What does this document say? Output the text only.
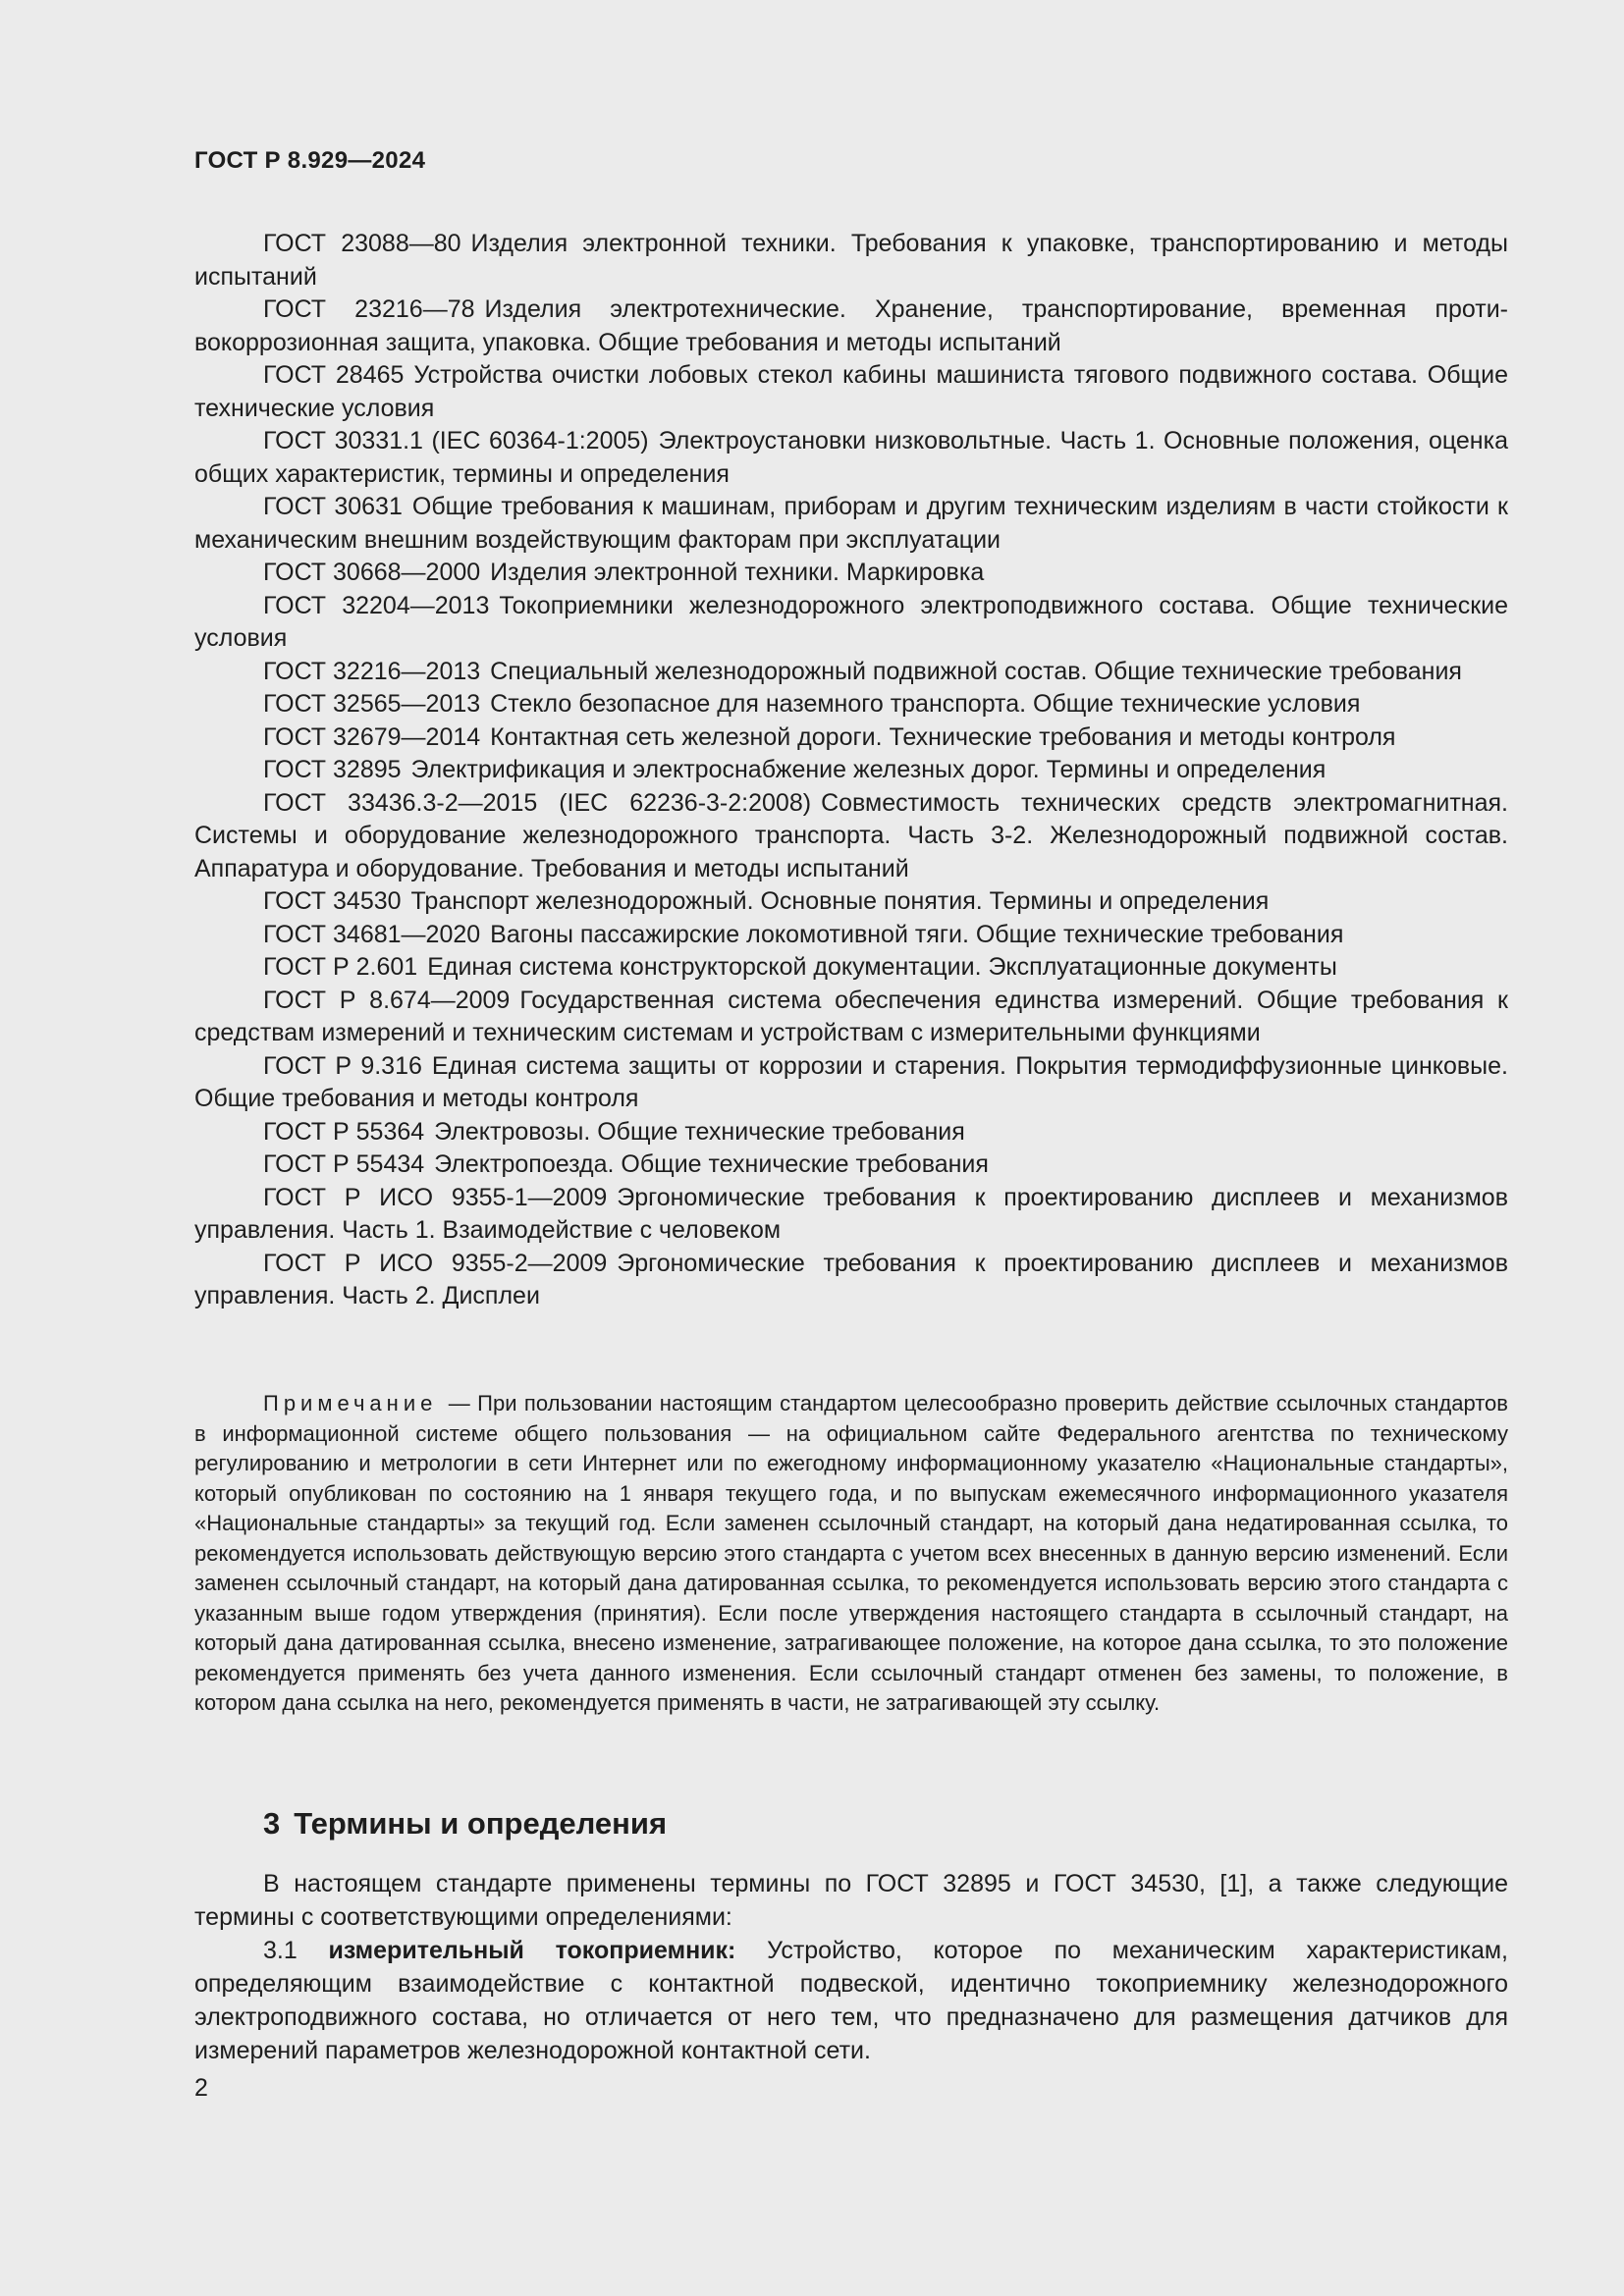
ГОСТ Р 8.929—2024

ГОСТ 23088—80 Изделия электронной техники. Требования к упаковке, транспортированию и методы испытаний

ГОСТ 23216—78 Изделия электротехнические. Хранение, транспортирование, временная противокоррозионная защита, упаковка. Общие требования и методы испытаний

ГОСТ 28465 Устройства очистки лобовых стекол кабины машиниста тягового подвижного состава. Общие технические условия

ГОСТ 30331.1 (IEC 60364-1:2005) Электроустановки низковольтные. Часть 1. Основные положения, оценка общих характеристик, термины и определения

ГОСТ 30631 Общие требования к машинам, приборам и другим техническим изделиям в части стойкости к механическим внешним воздействующим факторам при эксплуатации

ГОСТ 30668—2000 Изделия электронной техники. Маркировка

ГОСТ 32204—2013 Токоприемники железнодорожного электроподвижного состава. Общие технические условия

ГОСТ 32216—2013 Специальный железнодорожный подвижной состав. Общие технические требования

ГОСТ 32565—2013 Стекло безопасное для наземного транспорта. Общие технические условия

ГОСТ 32679—2014 Контактная сеть железной дороги. Технические требования и методы контроля

ГОСТ 32895 Электрификация и электроснабжение железных дорог. Термины и определения

ГОСТ 33436.3-2—2015 (IEC 62236-3-2:2008) Совместимость технических средств электромагнитная. Системы и оборудование железнодорожного транспорта. Часть 3-2. Железнодорожный подвижной состав. Аппаратура и оборудование. Требования и методы испытаний

ГОСТ 34530 Транспорт железнодорожный. Основные понятия. Термины и определения

ГОСТ 34681—2020 Вагоны пассажирские локомотивной тяги. Общие технические требования

ГОСТ Р 2.601 Единая система конструкторской документации. Эксплуатационные документы

ГОСТ Р 8.674—2009 Государственная система обеспечения единства измерений. Общие требования к средствам измерений и техническим системам и устройствам с измерительными функциями

ГОСТ Р 9.316 Единая система защиты от коррозии и старения. Покрытия термодиффузионные цинковые. Общие требования и методы контроля

ГОСТ Р 55364 Электровозы. Общие технические требования

ГОСТ Р 55434 Электропоезда. Общие технические требования

ГОСТ Р ИСО 9355-1—2009 Эргономические требования к проектированию дисплеев и механизмов управления. Часть 1. Взаимодействие с человеком

ГОСТ Р ИСО 9355-2—2009 Эргономические требования к проектированию дисплеев и механизмов управления. Часть 2. Дисплеи

Примечание — При пользовании настоящим стандартом целесообразно проверить действие ссылочных стандартов в информационной системе общего пользования — на официальном сайте Федерального агентства по техническому регулированию и метрологии в сети Интернет или по ежегодному информационному указателю «Национальные стандарты», который опубликован по состоянию на 1 января текущего года, и по выпускам ежемесячного информационного указателя «Национальные стандарты» за текущий год. Если заменен ссылочный стандарт, на который дана недатированная ссылка, то рекомендуется использовать действующую версию этого стандарта с учетом всех внесенных в данную версию изменений. Если заменен ссылочный стандарт, на который дана датированная ссылка, то рекомендуется использовать версию этого стандарта с указанным выше годом утверждения (принятия). Если после утверждения настоящего стандарта в ссылочный стандарт, на который дана датированная ссылка, внесено изменение, затрагивающее положение, на которое дана ссылка, то это положение рекомендуется применять без учета данного изменения. Если ссылочный стандарт отменен без замены, то положение, в котором дана ссылка на него, рекомендуется применять в части, не затрагивающей эту ссылку.

3 Термины и определения

В настоящем стандарте применены термины по ГОСТ 32895 и ГОСТ 34530, [1], а также следующие термины с соответствующими определениями:

3.1 измерительный токоприемник: Устройство, которое по механическим характеристикам, определяющим взаимодействие с контактной подвеской, идентично токоприемнику железнодорожного электроподвижного состава, но отличается от него тем, что предназначено для размещения датчиков для измерений параметров железнодорожной контактной сети.

2
